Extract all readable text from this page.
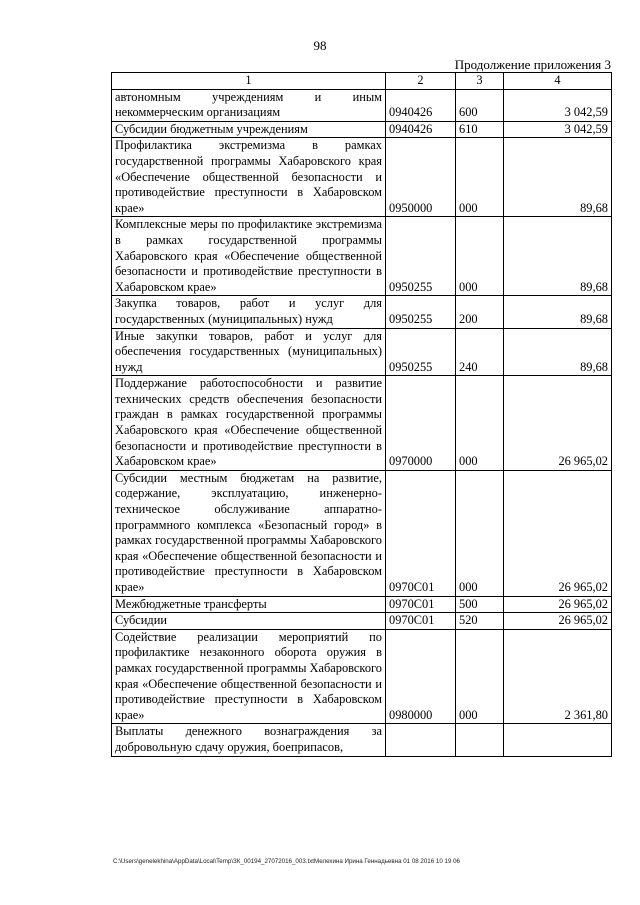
98
Продолжение приложения 3
1	2	3	4
автономным учреждениям и иным некоммерческим организациям	0940426	600	3 042,59
Субсидии бюджетным учреждениям	0940426	610	3 042,59
Профилактика экстремизма в рамках государственной программы Хабаровского края «Обеспечение общественной безопасности и противодействие преступности в Хабаровском крае»	0950000	000	89,68
Комплексные меры по профилактике экстремизма в рамках государственной программы Хабаровского края «Обеспечение общественной безопасности и противодействие преступности в Хабаровском крае»	0950255	000	89,68
Закупка товаров, работ и услуг для государственных (муниципальных) нужд	0950255	200	89,68
Иные закупки товаров, работ и услуг для обеспечения государственных (муниципальных) нужд	0950255	240	89,68
Поддержание работоспособности и развитие технических средств обеспечения безопасности граждан в рамках государственной программы Хабаровского края «Обеспечение общественной безопасности и противодействие преступности в Хабаровском крае»	0970000	000	26 965,02
Субсидии местным бюджетам на развитие, содержание, эксплуатацию, инженерно-техническое обслуживание аппаратно-программного комплекса «Безопасный город» в рамках государственной программы Хабаровского края «Обеспечение общественной безопасности и противодействие преступности в Хабаровском крае»	0970С01	000	26 965,02
Межбюджетные трансферты	0970С01	500	26 965,02
Субсидии	0970С01	520	26 965,02
Содействие реализации мероприятий по профилактике незаконного оборота оружия в рамках государственной программы Хабаровского края «Обеспечение общественной безопасности и противодействие преступности в Хабаровском крае»	0980000	000	2 361,80
Выплаты денежного вознаграждения за добровольную сдачу оружия, боеприпасов,			
C:\Users\genelekhina\AppData\Local\Temp\ЗК_00194_27072016_003.txtМелехина Ирина Геннадьевна 01 08 2016 10 19 06
